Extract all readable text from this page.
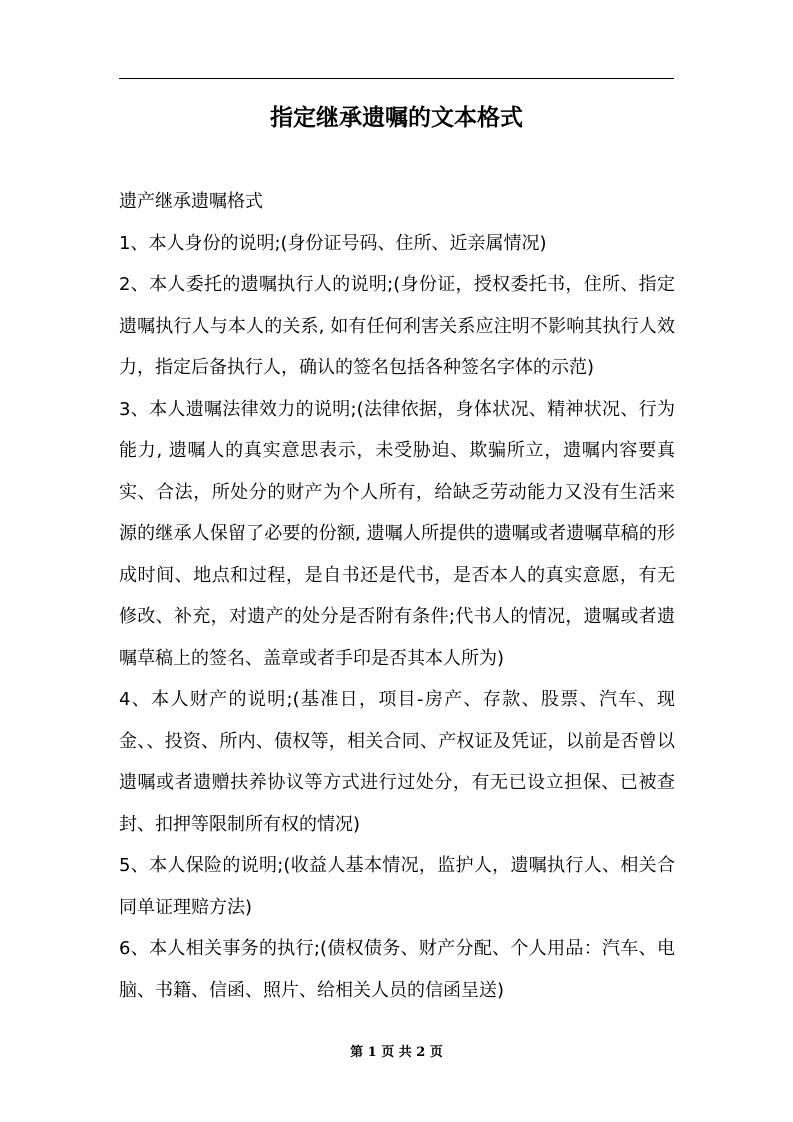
指定继承遗嘱的文本格式

遗产继承遗嘱格式

1、本人身份的说明;(身份证号码、住所、近亲属情况)

2、本人委托的遗嘱执行人的说明;(身份证，授权委托书，住所、指定遗嘱执行人与本人的关系, 如有任何利害关系应注明不影响其执行人效力，指定后备执行人，确认的签名包括各种签名字体的示范)

3、本人遗嘱法律效力的说明;(法律依据，身体状况、精神状况、行为能力, 遗嘱人的真实意思表示，未受胁迫、欺骗所立，遗嘱内容要真实、合法，所处分的财产为个人所有，给缺乏劳动能力又没有生活来源的继承人保留了必要的份额, 遗嘱人所提供的遗嘱或者遗嘱草稿的形成时间、地点和过程，是自书还是代书，是否本人的真实意愿，有无修改、补充，对遗产的处分是否附有条件;代书人的情况，遗嘱或者遗嘱草稿上的签名、盖章或者手印是否其本人所为)

4、本人财产的说明;(基准日，项目-房产、存款、股票、汽车、现金、、投资、所内、债权等，相关合同、产权证及凭证，以前是否曾以遗嘱或者遗赠扶养协议等方式进行过处分，有无已设立担保、已被查封、扣押等限制所有权的情况)

5、本人保险的说明;(收益人基本情况，监护人，遗嘱执行人、相关合同单证理赔方法)

6、本人相关事务的执行;(债权债务、财产分配、个人用品：汽车、电脑、书籍、信函、照片、给相关人员的信函呈送)

第 1 页 共 2 页
